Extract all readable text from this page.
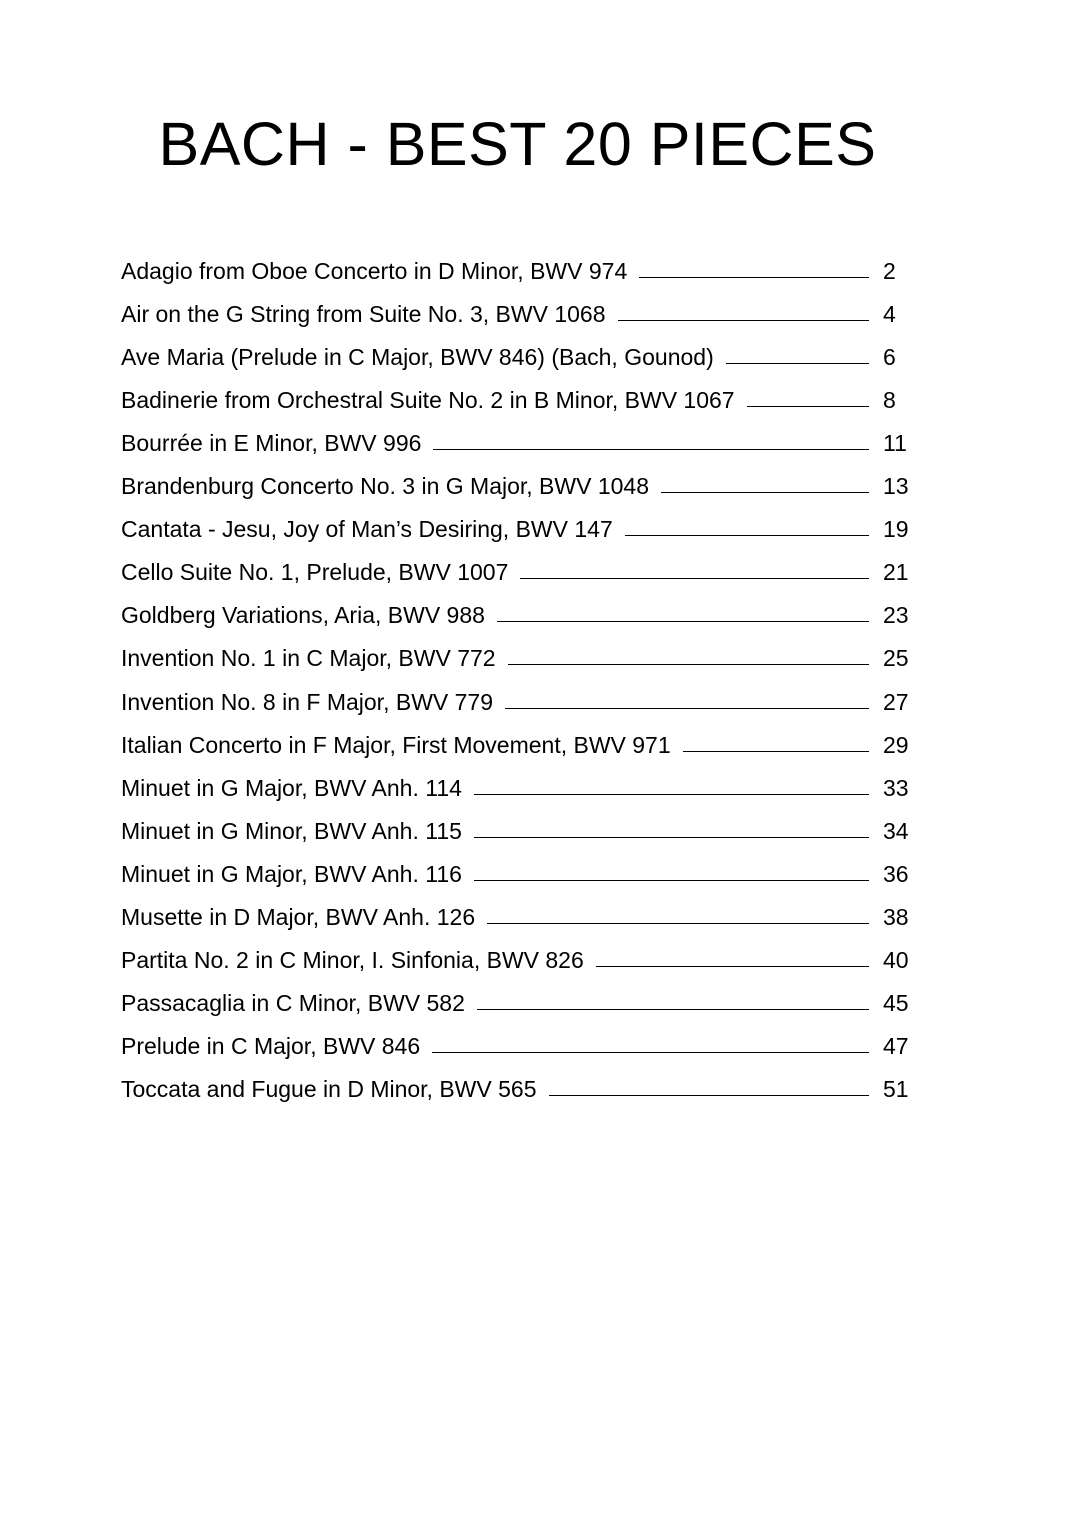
BACH - BEST 20 PIECES
Adagio from Oboe Concerto in D Minor, BWV 974	2
Air on the G String from Suite No. 3, BWV 1068	4
Ave Maria (Prelude in C Major, BWV 846) (Bach, Gounod)	6
Badinerie from Orchestral Suite No. 2 in B Minor, BWV 1067	8
Bourrée in E Minor, BWV 996	11
Brandenburg Concerto No. 3 in G Major, BWV 1048	13
Cantata - Jesu, Joy of Man’s Desiring, BWV 147	19
Cello Suite No. 1, Prelude, BWV 1007	21
Goldberg Variations, Aria, BWV 988	23
Invention No. 1 in C Major, BWV 772	25
Invention No. 8 in F Major, BWV 779	27
Italian Concerto in F Major, First Movement, BWV 971	29
Minuet in G Major, BWV Anh. 114	33
Minuet in G Minor, BWV Anh. 115	34
Minuet in G Major, BWV Anh. 116	36
Musette in D Major, BWV Anh. 126	38
Partita No. 2 in C Minor, I. Sinfonia, BWV 826	40
Passacaglia in C Minor, BWV 582	45
Prelude in C Major, BWV 846	47
Toccata and Fugue in D Minor, BWV 565	51
